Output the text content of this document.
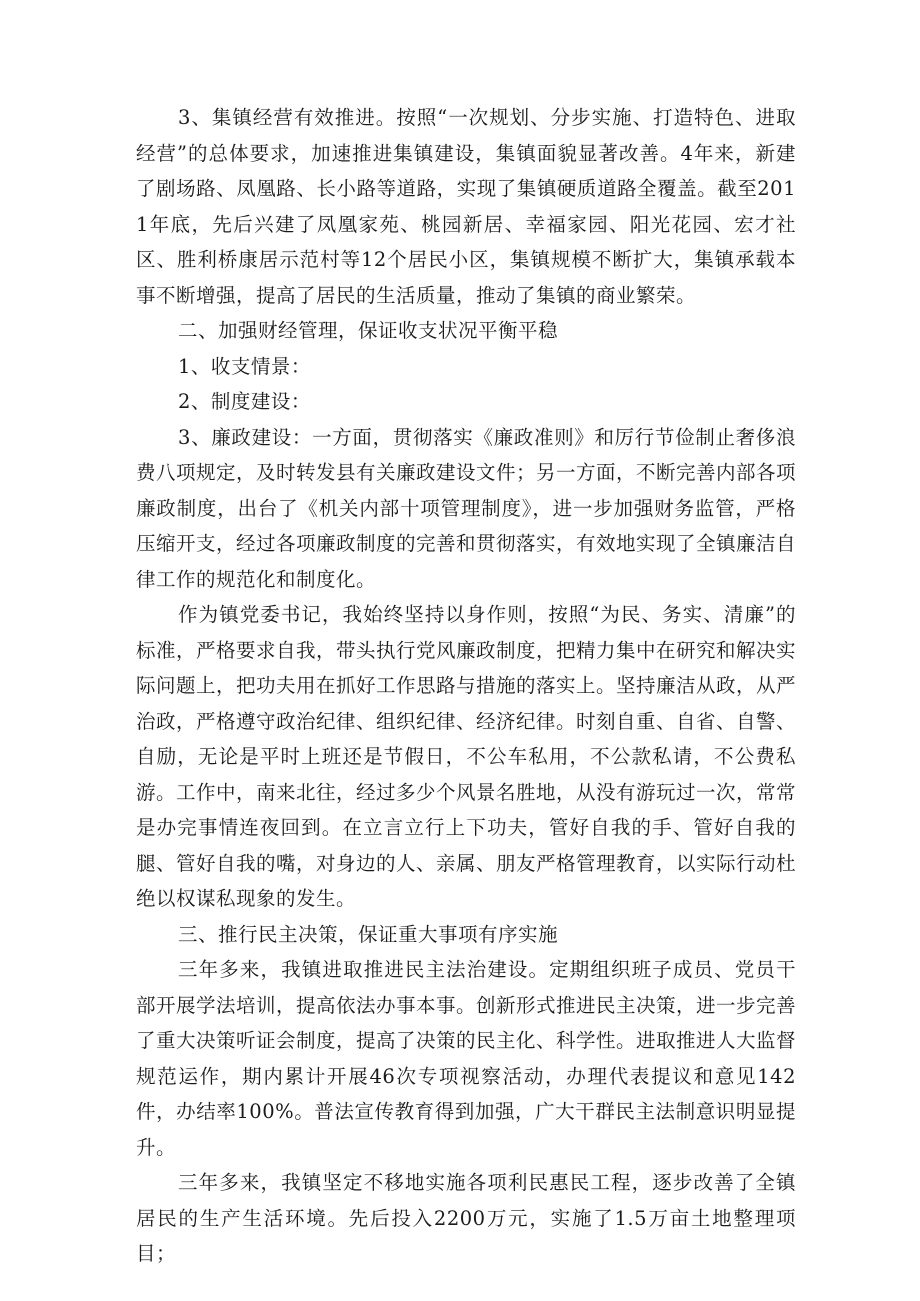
3、集镇经营有效推进。按照“一次规划、分步实施、打造特色、进取经营”的总体要求，加速推进集镇建设，集镇面貌显著改善。4年来，新建了剧场路、凤凰路、长小路等道路，实现了集镇硬质道路全覆盖。截至2011年底，先后兴建了凤凰家苑、桃园新居、幸福家园、阳光花园、宏才社区、胜利桥康居示范村等12个居民小区，集镇规模不断扩大，集镇承载本事不断增强，提高了居民的生活质量，推动了集镇的商业繁荣。

二、加强财经管理，保证收支状况平衡平稳

1、收支情景：

2、制度建设：

3、廉政建设：一方面，贯彻落实《廉政准则》和厉行节俭制止奢侈浪费八项规定，及时转发县有关廉政建设文件；另一方面，不断完善内部各项廉政制度，出台了《机关内部十项管理制度》，进一步加强财务监管，严格压缩开支，经过各项廉政制度的完善和贯彻落实，有效地实现了全镇廉洁自律工作的规范化和制度化。

作为镇党委书记，我始终坚持以身作则，按照“为民、务实、清廉”的标准，严格要求自我，带头执行党风廉政制度，把精力集中在研究和解决实际问题上，把功夫用在抓好工作思路与措施的落实上。坚持廉洁从政，从严治政，严格遵守政治纪律、组织纪律、经济纪律。时刻自重、自省、自警、自励，无论是平时上班还是节假日，不公车私用，不公款私请，不公费私游。工作中，南来北往，经过多少个风景名胜地，从没有游玩过一次，常常是办完事情连夜回到。在立言立行上下功夫，管好自我的手、管好自我的腿、管好自我的嘴，对身边的人、亲属、朋友严格管理教育，以实际行动杜绝以权谋私现象的发生。

三、推行民主决策，保证重大事项有序实施

三年多来，我镇进取推进民主法治建设。定期组织班子成员、党员干部开展学法培训，提高依法办事本事。创新形式推进民主决策，进一步完善了重大决策听证会制度，提高了决策的民主化、科学性。进取推进人大监督规范运作，期内累计开展46次专项视察活动，办理代表提议和意见142件，办结率100%。普法宣传教育得到加强，广大干群民主法制意识明显提升。

三年多来，我镇坚定不移地实施各项利民惠民工程，逐步改善了全镇居民的生产生活环境。先后投入2200万元，实施了1.5万亩土地整理项目；
